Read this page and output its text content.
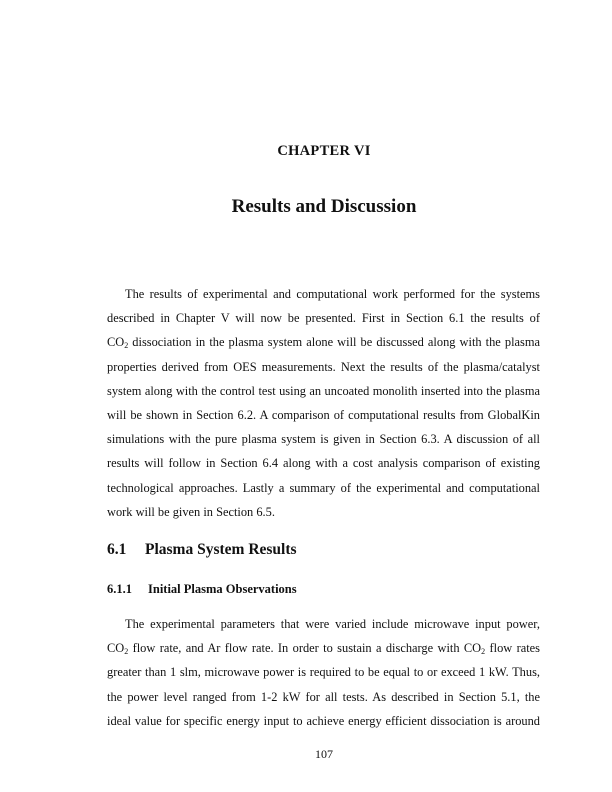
CHAPTER VI
Results and Discussion
The results of experimental and computational work performed for the systems
described in Chapter V will now be presented. First in Section 6.1 the results of
$CO_2$ dissociation in the plasma system alone will be discussed along with the plasma
properties derived from OES measurements. Next the results of the plasma/catalyst
system along with the control test using an uncoated monolith inserted into the plasma
will be shown in Section 6.2. A comparison of computational results from GlobalKin
simulations with the pure plasma system is given in Section 6.3. A discussion of all
results will follow in Section 6.4 along with a cost analysis comparison of existing
technological approaches. Lastly a summary of the experimental and computational
work will be given in Section 6.5.
6.1 Plasma System Results
6.1.1 Initial Plasma Observations
The experimental parameters that were varied include microwave input power,
$CO_2$ flow rate, and Ar flow rate. In order to sustain a discharge with $CO_2$ flow rates
greater than 1 slm, microwave power is required to be equal to or exceed 1 kW. Thus,
the power level ranged from 1-2 kW for all tests. As described in Section 5.1, the
ideal value for specific energy input to achieve energy efficient dissociation is around
107
